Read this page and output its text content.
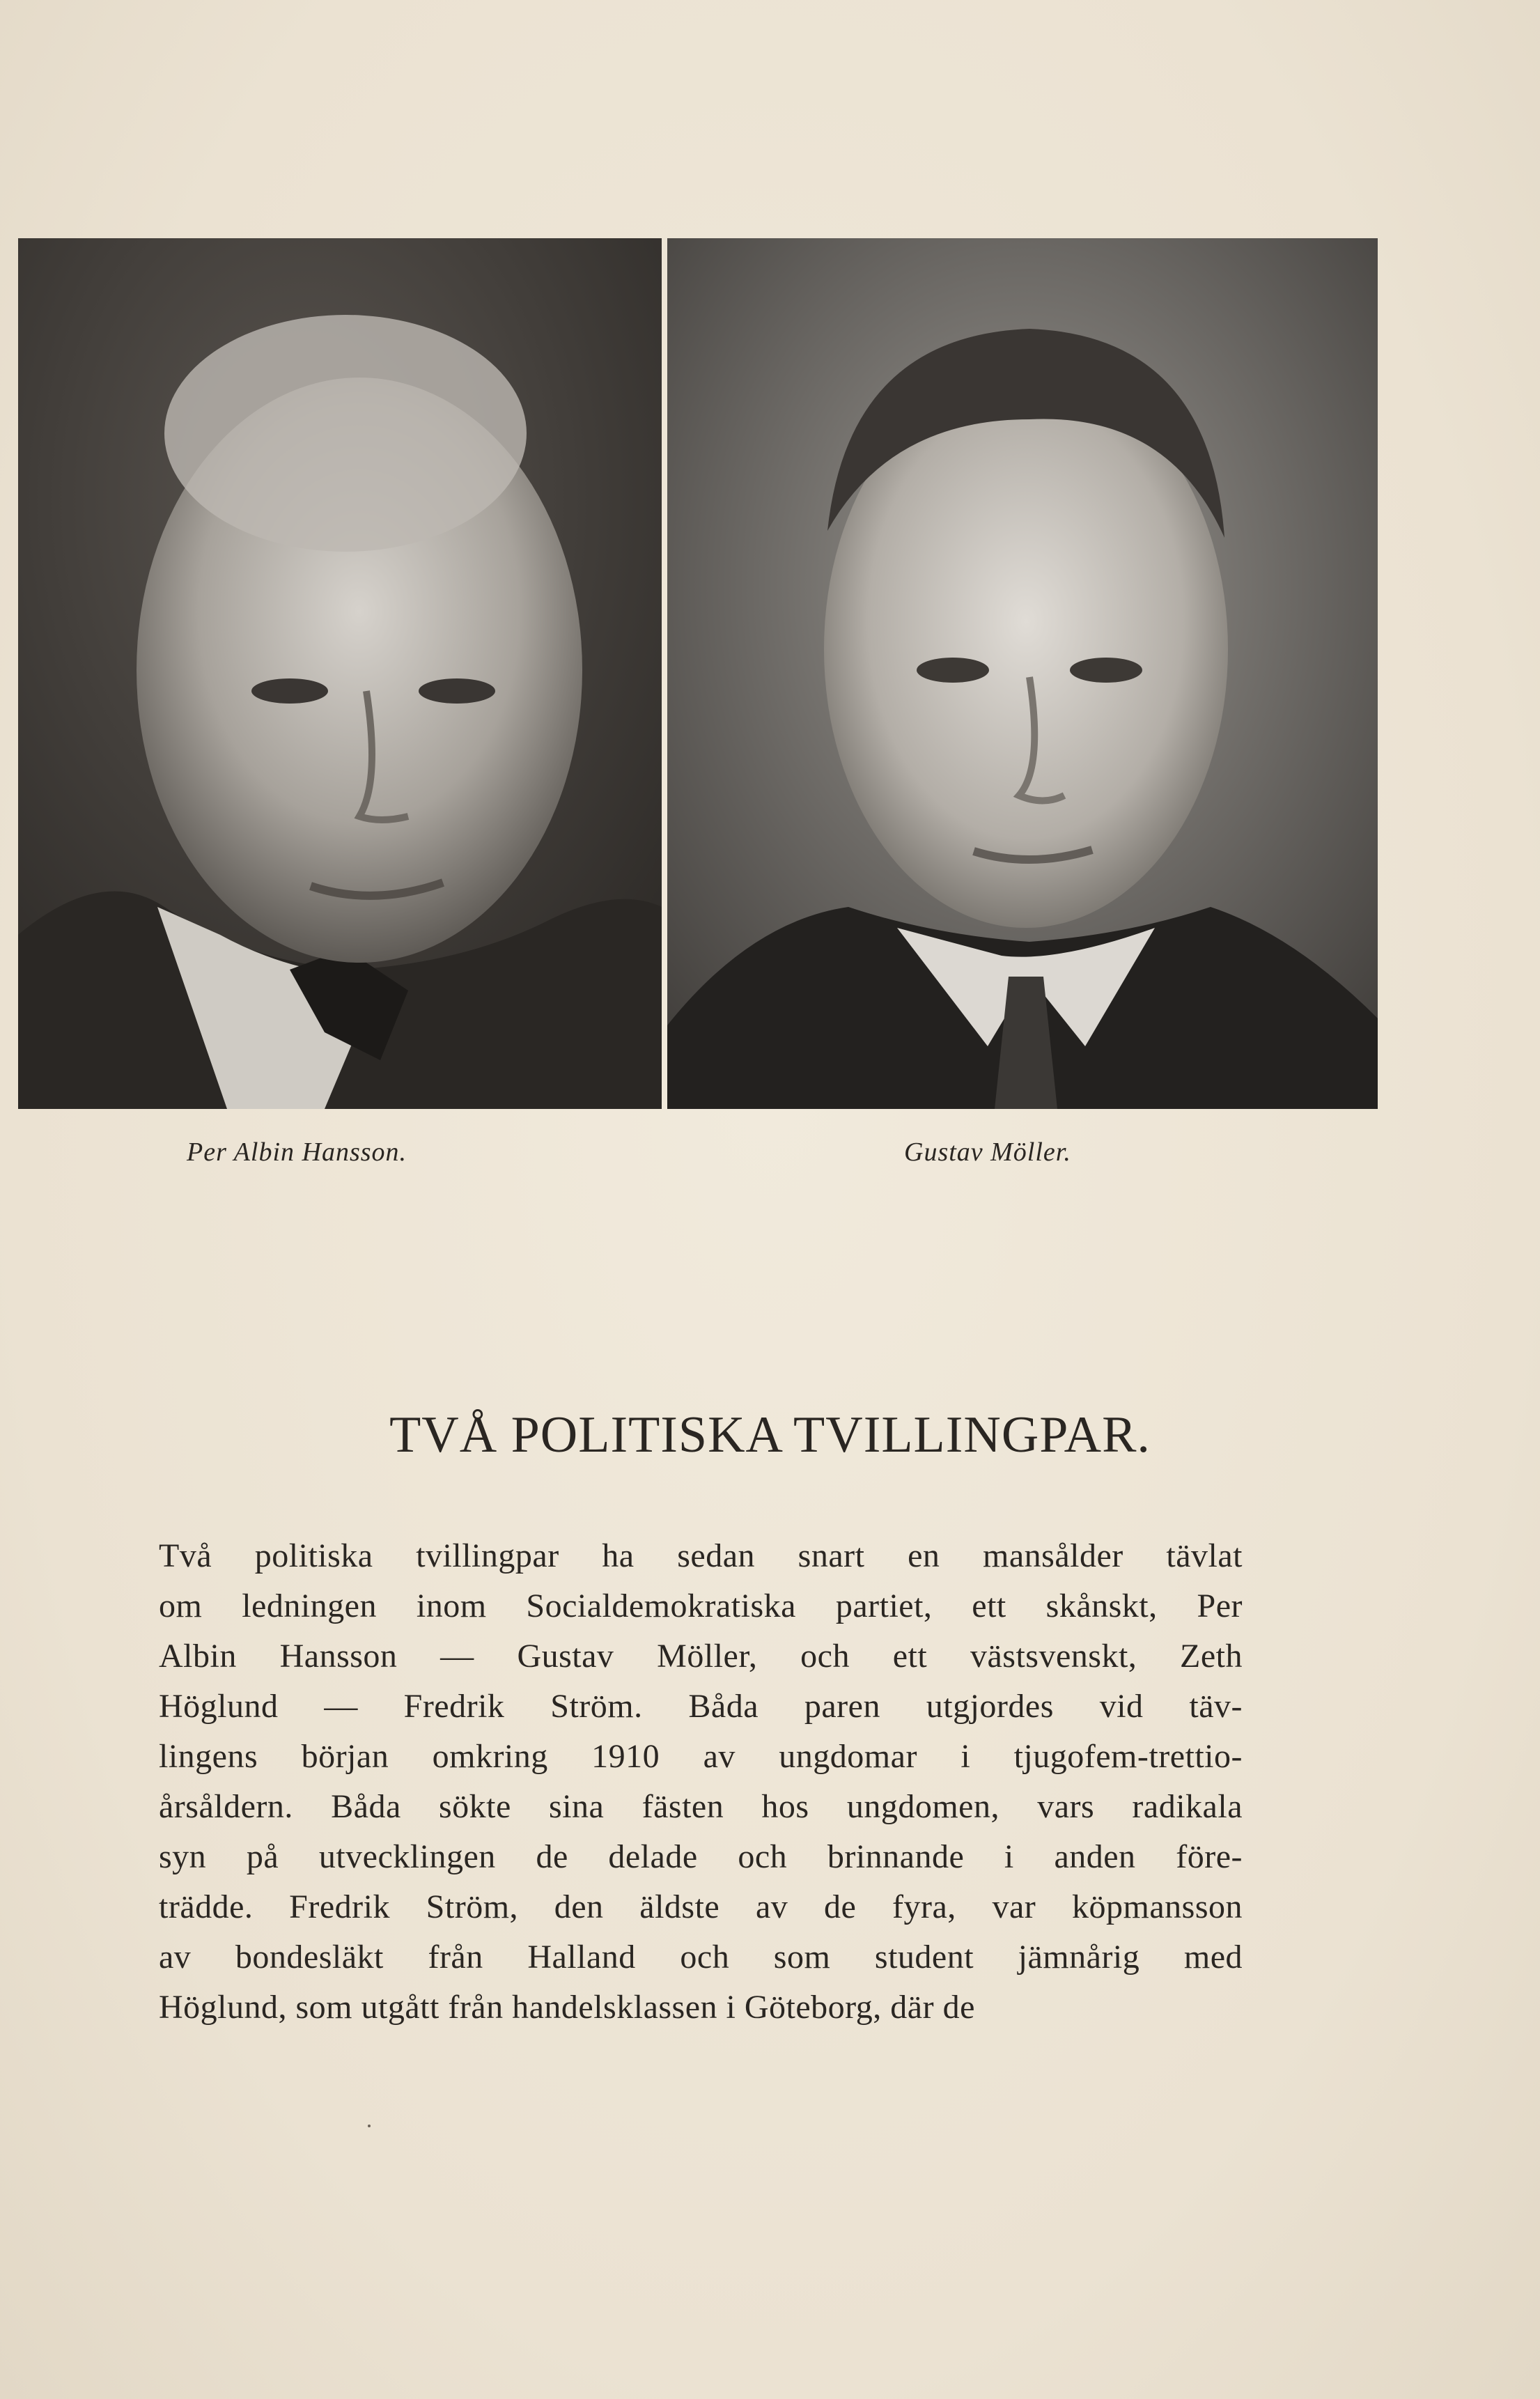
Per Albin Hansson.	Gustav Möller.
TVÅ POLITISKA TVILLINGPAR.
Två politiska tvillingpar ha sedan snart en mansålder tävlat
om ledningen inom Socialdemokratiska partiet, ett skånskt, Per
Albin Hansson — Gustav Möller, och ett västsvenskt, Zeth
Höglund — Fredrik Ström. Båda paren utgjordes vid täv-
lingens början omkring 1910 av ungdomar i tjugofem-trettio-
årsåldern. Båda sökte sina fästen hos ungdomen, vars radikala
syn på utvecklingen de delade och brinnande i anden före-
trädde. Fredrik Ström, den äldste av de fyra, var köpmansson
av bondesläkt från Halland och som student jämnårig med
Höglund, som utgått från handelsklassen i Göteborg, där de
